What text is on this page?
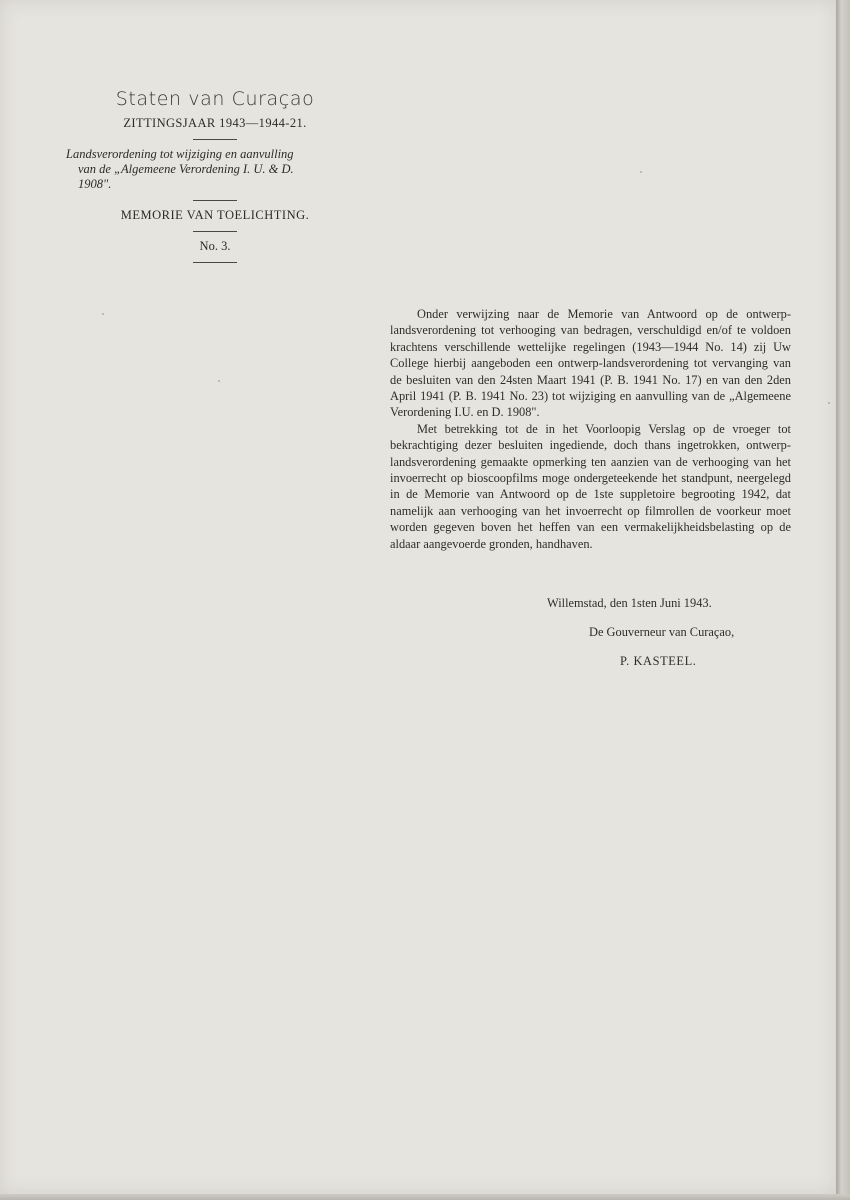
Staten van Curaçao

ZITTINGSJAAR 1943—1944-21.

Landsverordening tot wijziging en aanvulling
van de „Algemeene Verordening I. U. & D.
1908".

MEMORIE VAN TOELICHTING.

No. 3.

Onder verwijzing naar de Memorie van Antwoord op de ontwerp-landsverordening tot verhooging van bedragen, verschuldigd en/of te voldoen krachtens verschillende wettelijke regelingen (1943—1944 No. 14) zij Uw College hierbij aangeboden een ontwerp-landsverordening tot vervanging van de besluiten van den 24sten Maart 1941 (P. B. 1941 No. 17) en van den 2den April 1941 (P. B. 1941 No. 23) tot wijziging en aanvulling van de „Algemeene Verordening I.U. en D. 1908".

Met betrekking tot de in het Voorloopig Verslag op de vroeger tot bekrachtiging dezer besluiten ingediende, doch thans ingetrokken, ontwerp-landsverordening gemaakte opmerking ten aanzien van de verhooging van het invoerrecht op bioscoopfilms moge ondergeteekende het standpunt, neergelegd in de Memorie van Antwoord op de 1ste suppletoire begrooting 1942, dat namelijk aan verhooging van het invoerrecht op filmrollen de voorkeur moet worden gegeven boven het heffen van een vermakelijkheidsbelasting op de aldaar aangevoerde gronden, handhaven.

Willemstad, den 1sten Juni 1943.
De Gouverneur van Curaçao,
P. KASTEEL.
